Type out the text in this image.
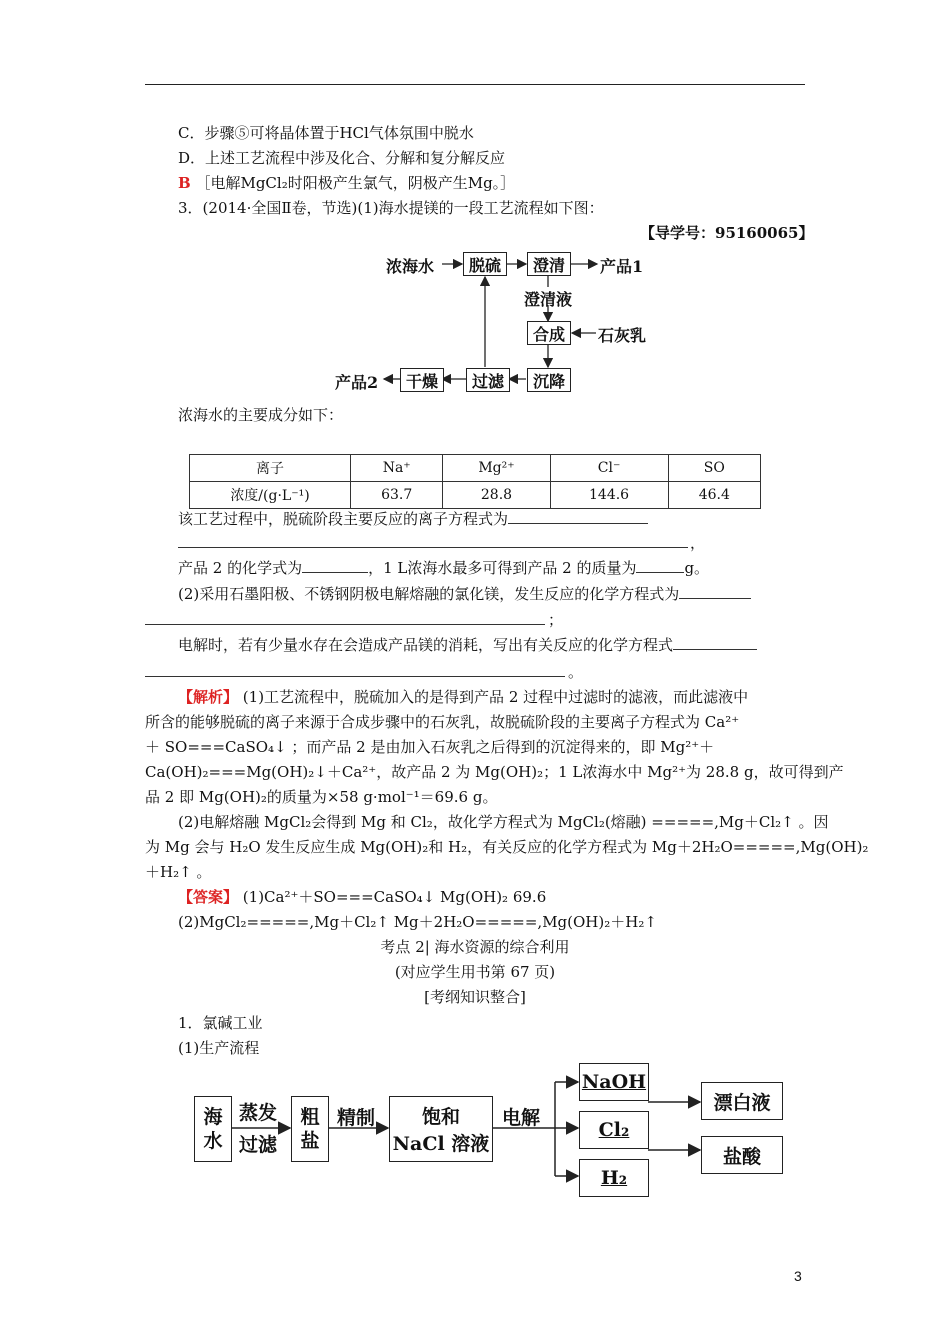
C．步骤⑤可将晶体置于HCl气体氛围中脱水
D．上述工艺流程中涉及化合、分解和复分解反应
B ［电解MgCl₂时阳极产生氯气，阴极产生Mg。］
3．(2014·全国Ⅱ卷，节选)(1)海水提镁的一段工艺流程如下图：
【导学号：95160065】
浓海水	脱硫	澄清	产品1
澄清液
合成	石灰乳
沉降
过滤
干燥
产品2
浓海水的主要成分如下：
离子	Na⁺	Mg²⁺	Cl⁻	SO
浓度/(g·L⁻¹)	63.7	28.8	144.6	46.4
该工艺过程中，脱硫阶段主要反应的离子方程式为
，
产品 2 的化学式为	，1 L浓海水最多可得到产品 2 的质量为	g。
(2)采用石墨阳极、不锈钢阴极电解熔融的氯化镁，发生反应的化学方程式为
；
电解时，若有少量水存在会造成产品镁的消耗，写出有关反应的化学方程式
。
【解析】 (1)工艺流程中，脱硫加入的是得到产品 2 过程中过滤时的滤液，而此滤液中
所含的能够脱硫的离子来源于合成步骤中的石灰乳，故脱硫阶段的主要离子方程式为 Ca²⁺
＋ SO===CaSO₄↓ ；而产品 2 是由加入石灰乳之后得到的沉淀得来的，即 Mg²⁺＋
Ca(OH)₂===Mg(OH)₂↓＋Ca²⁺，故产品 2 为 Mg(OH)₂；1 L浓海水中 Mg²⁺为 28.8 g，故可得到产
品 2 即 Mg(OH)₂的质量为×58 g·mol⁻¹＝69.6 g。
(2)电解熔融 MgCl₂会得到 Mg 和 Cl₂，故化学方程式为 MgCl₂(熔融) =====,Mg＋Cl₂↑ 。因
为 Mg 会与 H₂O 发生反应生成 Mg(OH)₂和 H₂，有关反应的化学方程式为 Mg＋2H₂O=====,Mg(OH)₂
＋H₂↑ 。
【答案】 (1)Ca²⁺＋SO===CaSO₄↓ Mg(OH)₂ 69.6
(2)MgCl₂=====,Mg＋Cl₂↑ Mg＋2H₂O=====,Mg(OH)₂＋H₂↑
考点 2| 海水资源的综合利用
(对应学生用书第 67 页)
[考纲知识整合]
1．氯碱工业
(1)生产流程
海
水
蒸发
过滤
粗
盐
精制 饱和
NaCl 溶液
电解
NaOH
Cl₂
H₂
漂白液
盐酸
3
